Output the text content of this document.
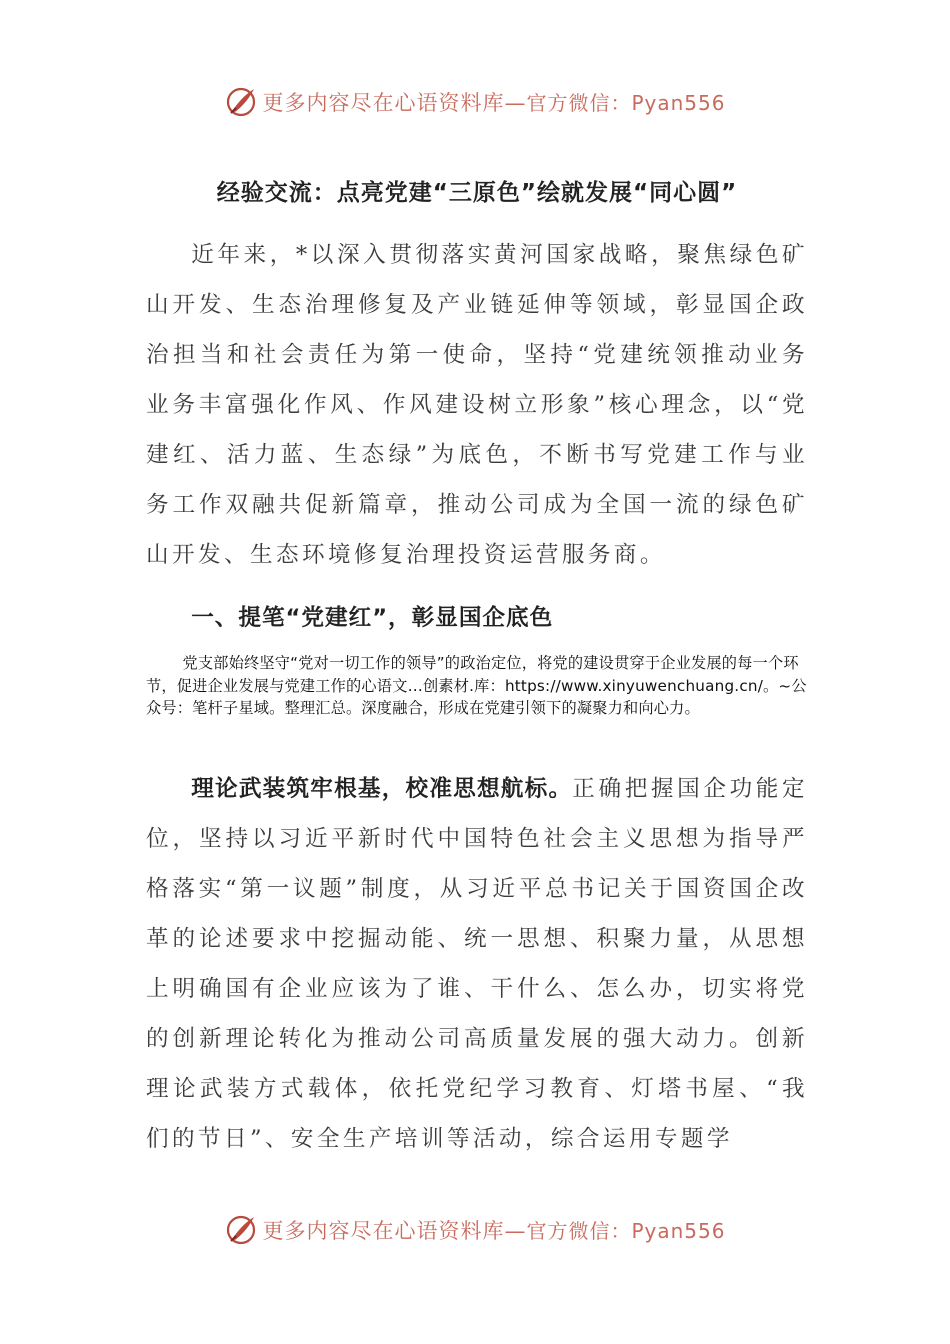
更多内容尽在心语资料库—官方微信：Pyan556
经验交流：点亮党建“三原色”绘就发展“同心圆”

近年来，*以深入贯彻落实黄河国家战略，聚焦绿色矿山开发、生态治理修复及产业链延伸等领域，彰显国企政治担当和社会责任为第一使命，坚持“党建统领推动业务业务丰富强化作风、作风建设树立形象”核心理念，以“党建红、活力蓝、生态绿”为底色，不断书写党建工作与业务工作双融共促新篇章，推动公司成为全国一流的绿色矿山开发、生态环境修复治理投资运营服务商。

一、提笔“党建红”，彰显国企底色

党支部始终坚守“党对一切工作的领导”的政治定位，将党的建设贯穿于企业发展的每一个环节，促进企业发展与党建工作的心语文…创素材.库：https://www.xinyuwenchuang.cn/。~公众号：笔杆子星域。整理汇总。深度融合，形成在党建引领下的凝聚力和向心力。

理论武装筑牢根基，校准思想航标。正确把握国企功能定位，坚持以习近平新时代中国特色社会主义思想为指导严格落实“第一议题”制度，从习近平总书记关于国资国企改革的论述要求中挖掘动能、统一思想、积聚力量，从思想上明确国有企业应该为了谁、干什么、怎么办，切实将党的创新理论转化为推动公司高质量发展的强大动力。创新理论武装方式载体，依托党纪学习教育、灯塔书屋、“我们的节日”、安全生产培训等活动，综合运用专题学

更多内容尽在心语资料库—官方微信：Pyan556
